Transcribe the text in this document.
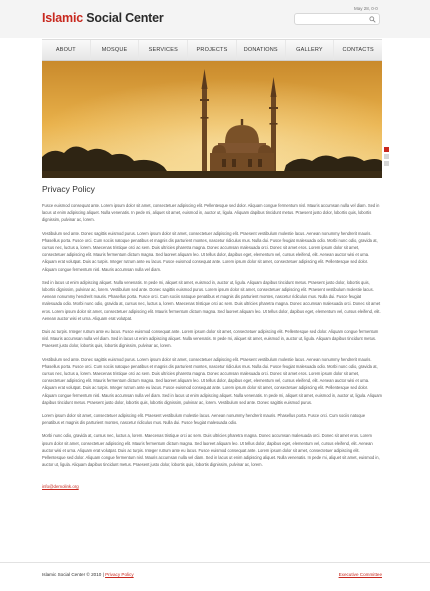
Islamic Social Center
May 28, 0·0
ABOUT	MOSQUE	SERVICES	PROJECTS	DONATIONS	GALLERY	CONTACTS
Privacy Policy

Fusce euismod consequat ante. Lorem ipsum dolor sit amet, consectetuer adipiscing elit. Pellentesque sed dolor. Aliquam congue fermentum nisl. Mauris accumsan nulla vel diam. Sed in lacus ut enim adipiscing aliquet. Nulla venenatis. In pede mi, aliquet sit amet, euismod in, auctor ut, ligula. Aliquam dapibus tincidunt metus. Praesent justo dolor, lobortis quis, lobortis dignissim, pulvinar ac, lorem.

Vestibulum sed ante. Donec sagittis euismod purus. Lorem ipsum dolor sit amet, consectetuer adipiscing elit. Praesent vestibulum molestie lacus. Aenean nonummy hendrerit mauris. Phasellus porta. Fusce orci. Cum sociis natoque penatibus et magnis dis parturient montes, nascetur ridiculus mus. Nulla dui. Fusce feugiat malesuada odio. Morbi nunc odio, gravida at, cursus nec, luctus a, lorem. Maecenas tristique orci ac sem. Duis ultricies pharetra magna. Donec accumsan malesuada orci. Donec sit amet eros. Lorem ipsum dolor sit amet, consectetuer adipiscing elit. Mauris fermentum dictum magna. Sed laoreet aliquam leo. Ut tellus dolor, dapibus eget, elementum vel, cursus eleifend, elit. Aenean auctor wisi et urna. Aliquam erat volutpat. Duis ac turpis. Integer rutrum ante eu lacus. Fusce euismod consequat ante. Lorem ipsum dolor sit amet, consectetuer adipiscing elit. Pellentesque sed dolor. Aliquam congue fermentum nisl. Mauris accumsan nulla vel diam.

Sed in lacus ut enim adipiscing aliquet. Nulla venenatis. In pede mi, aliquet sit amet, euismod in, auctor ut, ligula. Aliquam dapibus tincidunt metus. Praesent justo dolor, lobortis quis, lobortis dignissim, pulvinar ac, lorem. Vestibulum sed ante. Donec sagittis euismod purus. Lorem ipsum dolor sit amet, consectetuer adipiscing elit. Praesent vestibulum molestie lacus. Aenean nonummy hendrerit mauris. Phasellus porta. Fusce orci. Cum sociis natoque penatibus et magnis dis parturient montes, nascetur ridiculus mus. Nulla dui. Fusce feugiat malesuada odio. Morbi nunc odio, gravida at, cursus nec, luctus a, lorem. Maecenas tristique orci ac sem. Duis ultricies pharetra magna. Donec accumsan malesuada orci. Donec sit amet eros. Lorem ipsum dolor sit amet, consectetuer adipiscing elit. Mauris fermentum dictum magna. Sed laoreet aliquam leo. Ut tellus dolor, dapibus eget, elementum vel, cursus eleifend, elit. Aenean auctor wisi et urna. Aliquam erat volutpat.

Duis ac turpis. Integer rutrum ante eu lacus. Fusce euismod consequat ante. Lorem ipsum dolor sit amet, consectetuer adipiscing elit. Pellentesque sed dolor. Aliquam congue fermentum nisl. Mauris accumsan nulla vel diam. Sed in lacus ut enim adipiscing aliquet. Nulla venenatis. In pede mi, aliquet sit amet, euismod in, auctor ut, ligula. Aliquam dapibus tincidunt metus. Praesent justo dolor, lobortis quis, lobortis dignissim, pulvinar ac, lorem.

Vestibulum sed ante. Donec sagittis euismod purus. Lorem ipsum dolor sit amet, consectetuer adipiscing elit. Praesent vestibulum molestie lacus. Aenean nonummy hendrerit mauris. Phasellus porta. Fusce orci. Cum sociis natoque penatibus et magnis dis parturient montes, nascetur ridiculus mus. Nulla dui. Fusce feugiat malesuada odio. Morbi nunc odio, gravida at, cursus nec, luctus a, lorem. Maecenas tristique orci ac sem. Duis ultricies pharetra magna. Donec accumsan malesuada orci. Donec sit amet eros. Lorem ipsum dolor sit amet, consectetuer adipiscing elit. Mauris fermentum dictum magna. Sed laoreet aliquam leo. Ut tellus dolor, dapibus eget, elementum vel, cursus eleifend, elit. Aenean auctor wisi et urna. Aliquam erat volutpat. Duis ac turpis. Integer rutrum ante eu lacus. Fusce euismod consequat ante. Lorem ipsum dolor sit amet, consectetuer adipiscing elit. Pellentesque sed dolor. Aliquam congue fermentum nisl. Mauris accumsan nulla vel diam. Sed in lacus ut enim adipiscing aliquet. Nulla venenatis. In pede mi, aliquet sit amet, euismod in, auctor ut, ligula. Aliquam dapibus tincidunt metus. Praesent justo dolor, lobortis quis, lobortis dignissim, pulvinar ac, lorem. Vestibulum sed ante. Donec sagittis euismod purus.

Lorem ipsum dolor sit amet, consectetuer adipiscing elit. Praesent vestibulum molestie lacus. Aenean nonummy hendrerit mauris. Phasellus porta. Fusce orci. Cum sociis natoque penatibus et magnis dis parturient montes, nascetur ridiculus mus. Nulla dui. Fusce feugiat malesuada odio.

Morbi nunc odio, gravida at, cursus nec, luctus a, lorem. Maecenas tristique orci ac sem. Duis ultricies pharetra magna. Donec accumsan malesuada orci. Donec sit amet eros. Lorem ipsum dolor sit amet, consectetuer adipiscing elit. Mauris fermentum dictum magna. Sed laoreet aliquam leo. Ut tellus dolor, dapibus eget, elementum vel, cursus eleifend, elit. Aenean auctor wisi et urna. Aliquam erat volutpat. Duis ac turpis. Integer rutrum ante eu lacus. Fusce euismod consequat ante. Lorem ipsum dolor sit amet, consectetuer adipiscing elit. Pellentesque sed dolor. Aliquam congue fermentum nisl. Mauris accumsan nulla vel diam. Sed in lacus ut enim adipiscing aliquet. Nulla venenatis. In pede mi, aliquet sit amet, euismod in, auctor ut, ligula. Aliquam dapibus tincidunt metus. Praesent justo dolor, lobortis quis, lobortis dignissim, pulvinar ac, lorem.

info@demolink.org
Islamic Social Center © 2010 | Privacy Policy	Executive Committee
